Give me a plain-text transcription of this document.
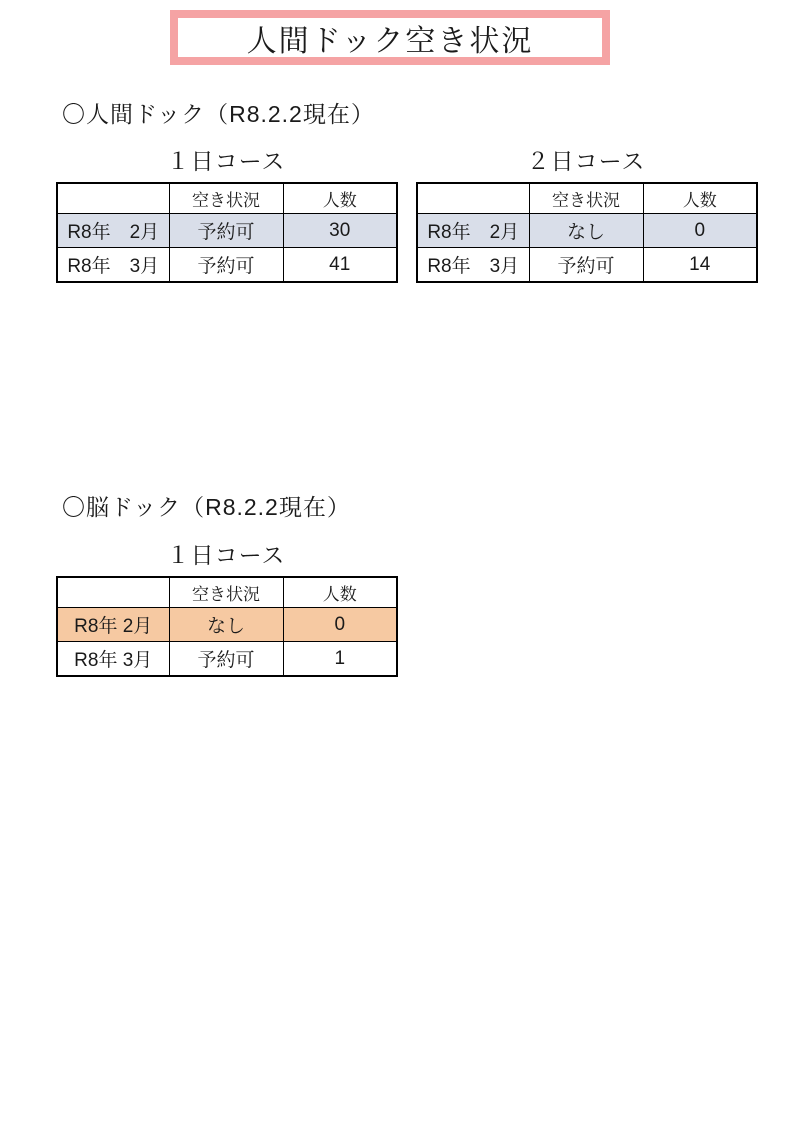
人間ドック空き状況
〇人間ドック（R8.2.2現在）
１日コース
	空き状況	人数
R8年　2月	予約可	30
R8年　3月	予約可	41
２日コース
	空き状況	人数
R8年　2月	なし	0
R8年　3月	予約可	14
〇脳ドック（R8.2.2現在）
１日コース
	空き状況	人数
R8年 2月	なし	0
R8年 3月	予約可	1
